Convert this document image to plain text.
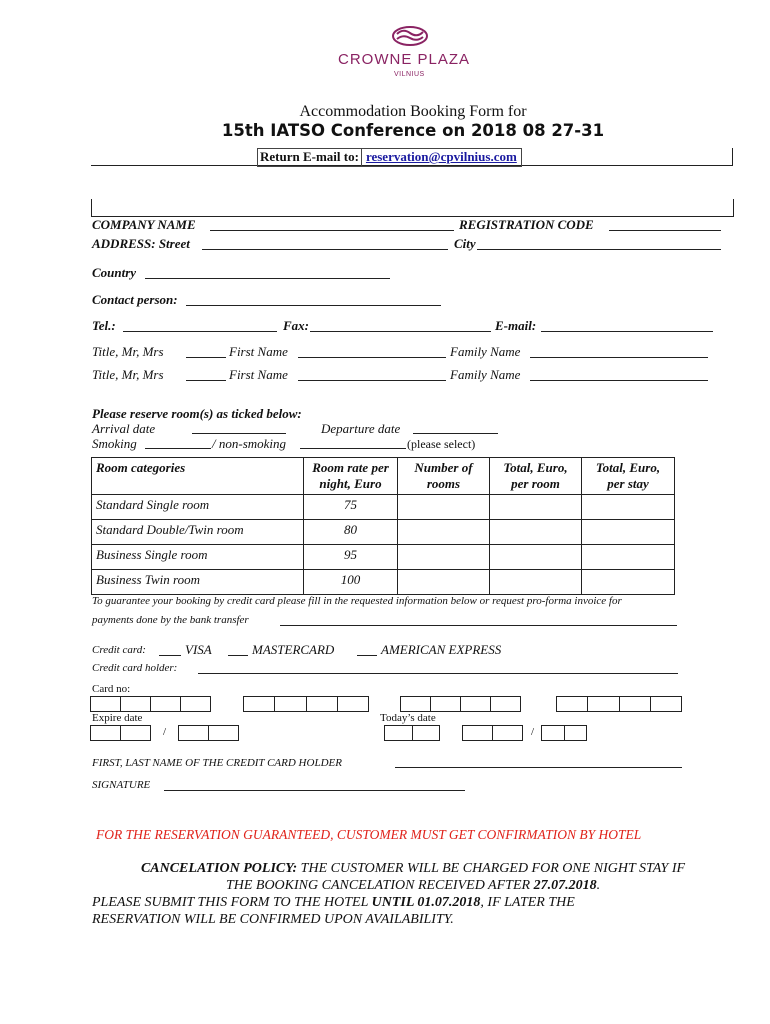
CROWNE PLAZA
VILNIUS
Accommodation Booking Form for
15th IATSO Conference on 2018 08 27-31
Return E-mail to: reservation@cpvilnius.com
COMPANY NAME	REGISTRATION CODE
ADDRESS: Street	City
Country
Contact person:
Tel.:	Fax:	E-mail:
Title, Mr, Mrs	First Name	Family Name
Title, Mr, Mrs	First Name	Family Name
Please reserve room(s) as ticked below:
Arrival date	Departure date
Smoking	/ non-smoking	(please select)
Room categories	Room rate per night, Euro	Number of rooms	Total, Euro, per room	Total, Euro, per stay
Standard Single room	75			
Standard Double/Twin room	80			
Business Single room	95			
Business Twin room	100			
To guarantee your booking by credit card please fill in the requested information below or request pro-forma invoice for
payments done by the bank transfer
Credit card:	VISA	MASTERCARD	AMERICAN EXPRESS
Credit card holder:
Card no:
Expire date
/
Today’s date
/
FIRST, LAST NAME OF THE CREDIT CARD HOLDER
SIGNATURE
FOR THE RESERVATION GUARANTEED, CUSTOMER MUST GET CONFIRMATION BY HOTEL
CANCELATION POLICY: THE CUSTOMER WILL BE CHARGED FOR ONE NIGHT STAY IF
THE BOOKING CANCELATION RECEIVED AFTER 27.07.2018.
PLEASE SUBMIT THIS FORM TO THE HOTEL UNTIL 01.07.2018, IF LATER THE
RESERVATION WILL BE CONFIRMED UPON AVAILABILITY.
